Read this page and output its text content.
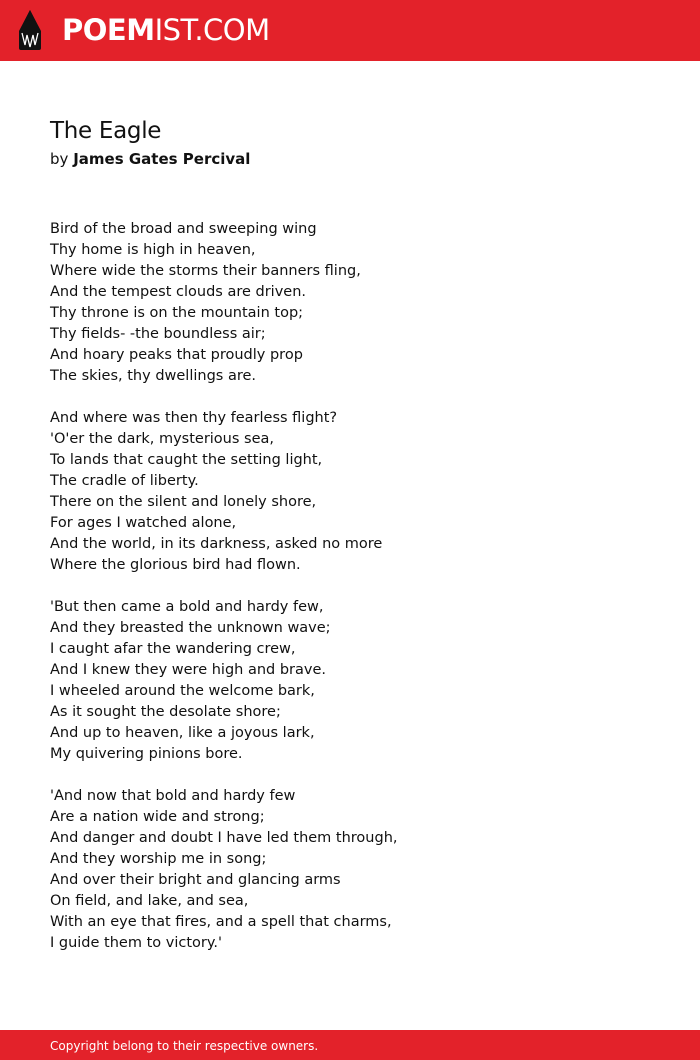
POEMIST.COM
The Eagle
by James Gates Percival
Bird of the broad and sweeping wing
Thy home is high in heaven,
Where wide the storms their banners fling,
And the tempest clouds are driven.
Thy throne is on the mountain top;
Thy fields- -the boundless air;
And hoary peaks that proudly prop
The skies, thy dwellings are.
And where was then thy fearless flight?
'O'er the dark, mysterious sea,
To lands that caught the setting light,
The cradle of liberty.
There on the silent and lonely shore,
For ages I watched alone,
And the world, in its darkness, asked no more
Where the glorious bird had flown.
'But then came a bold and hardy few,
And they breasted the unknown wave;
I caught afar the wandering crew,
And I knew they were high and brave.
I wheeled around the welcome bark,
As it sought the desolate shore;
And up to heaven, like a joyous lark,
My quivering pinions bore.
'And now that bold and hardy few
Are a nation wide and strong;
And danger and doubt I have led them through,
And they worship me in song;
And over their bright and glancing arms
On field, and lake, and sea,
With an eye that fires, and a spell that charms,
I guide them to victory.'
Copyright belong to their respective owners.
